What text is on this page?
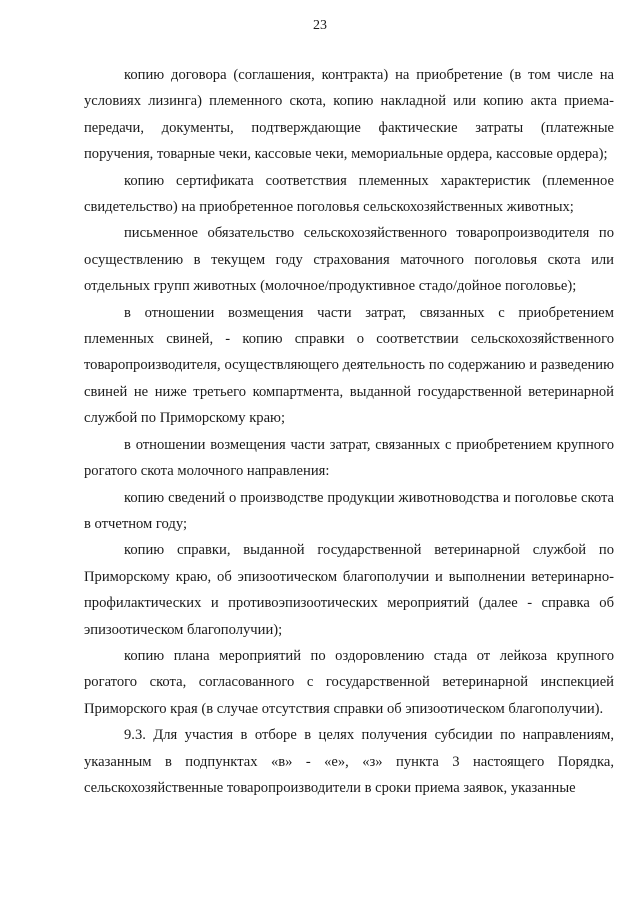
23

копию договора (соглашения, контракта) на приобретение (в том числе на условиях лизинга) племенного скота, копию накладной или копию акта приема-передачи, документы, подтверждающие фактические затраты (платежные поручения, товарные чеки, кассовые чеки, мемориальные ордера, кассовые ордера);

копию сертификата соответствия племенных характеристик (племенное свидетельство) на приобретенное поголовья сельскохозяйственных животных;

письменное обязательство сельскохозяйственного товаропроизводителя по осуществлению в текущем году страхования маточного поголовья скота или отдельных групп животных (молочное/продуктивное стадо/дойное поголовье);

в отношении возмещения части затрат, связанных с приобретением племенных свиней, - копию справки о соответствии сельскохозяйственного товаропроизводителя, осуществляющего деятельность по содержанию и разведению свиней не ниже третьего компартмента, выданной государственной ветеринарной службой по Приморскому краю;

в отношении возмещения части затрат, связанных с приобретением крупного рогатого скота молочного направления:

копию сведений о производстве продукции животноводства и поголовье скота в отчетном году;

копию справки, выданной государственной ветеринарной службой по Приморскому краю, об эпизоотическом благополучии и выполнении ветеринарно-профилактических и противоэпизоотических мероприятий (далее - справка об эпизоотическом благополучии);

копию плана мероприятий по оздоровлению стада от лейкоза крупного рогатого скота, согласованного с государственной ветеринарной инспекцией Приморского края (в случае отсутствия справки об эпизоотическом благополучии).

9.3. Для участия в отборе в целях получения субсидии по направлениям, указанным в подпунктах «в» - «е», «з» пункта 3 настоящего Порядка, сельскохозяйственные товаропроизводители в сроки приема заявок, указанные
